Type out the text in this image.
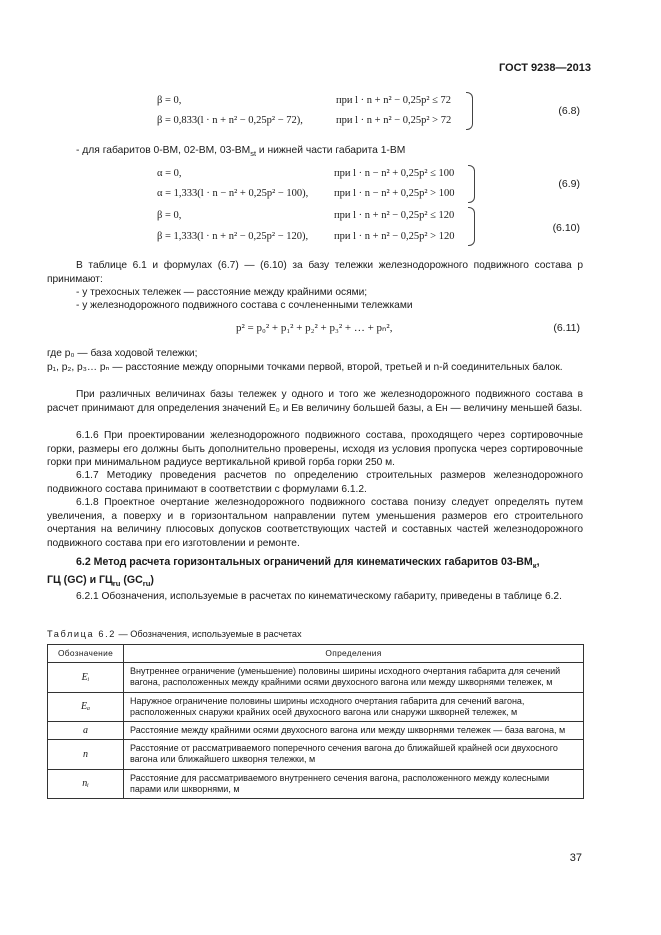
ГОСТ 9238—2013
β = 0,	при l · n + n² − 0,25p² ≤ 72
β = 0,833(l · n + n² − 0,25p² − 72),	при l · n + n² − 0,25p² > 72
(6.8)
- для габаритов 0-ВМ, 02-ВМ, $03-ВМ_{st}$ и нижней части габарита 1-ВМ
α = 0,	при l · n − n² + 0,25p² ≤ 100
α = 1,333(l · n − n² + 0,25p² − 100), при l · n − n² + 0,25p² > 100
(6.9)
β = 0,	при l · n + n² − 0,25p² ≤ 120
β = 1,333(l · n + n² − 0,25p² − 120), при l · n + n² − 0,25p² > 120
(6.10)
В таблице 6.1 и формулах (6.7) — (6.10) за базу тележки железнодорожного подвижного состава p принимают:
- у трехосных тележек — расстояние между крайними осями;
- у железнодорожного подвижного состава с сочлененными тележками
p² = p₀² + p₁² + p₂² + p₃² + … + pₙ²,	(6.11)
где p₀ — база ходовой тележки;
p₁, p₂, p₃… pₙ — расстояние между опорными точками первой, второй, третьей и n-й соединительных балок.
При различных величинах базы тележек у одного и того же железнодорожного подвижного состава в расчет принимают для определения значений E₀ и Eв величину большей базы, а Eн — величину меньшей базы.
6.1.6 При проектировании железнодорожного подвижного состава, проходящего через сортировочные горки, размеры его должны быть дополнительно проверены, исходя из условия пропуска через сортировочные горки при минимальном радиусе вертикальной кривой горба горки 250 м.
6.1.7 Методику проведения расчетов по определению строительных размеров железнодорожного подвижного состава принимают в соответствии с формулами 6.1.2.
6.1.8 Проектное очертание железнодорожного подвижного состава понизу следует определять путем увеличения, а поверху и в горизонтальном направлении путем уменьшения размеров его строительного очертания на величину плюсовых допусков соответствующих частей и составных частей железнодорожного подвижного состава при его изготовлении и ремонте.
6.2 Метод расчета горизонтальных ограничений для кинематических габаритов $03-ВМ_к$,
ГЦ (GC) и $ГЦ_{ru}$ $(GC_{ru})$
6.2.1 Обозначения, используемые в расчетах по кинематическому габариту, приведены в таблице 6.2.
Таблица 6.2 — Обозначения, используемые в расчетах
Обозначение	Определения
Eᵢ	Внутреннее ограничение (уменьшение) половины ширины исходного очертания габарита для сечений вагона, расположенных между крайними осями двухосного вагона или между шкворнями тележек, м
Eₐ	Наружное ограничение половины ширины исходного очертания габарита для сечений вагона, расположенных снаружи крайних осей двухосного вагона или снаружи шкворней тележек, м
a	Расстояние между крайними осями двухосного вагона или между шкворнями тележек — база вагона, м
n	Расстояние от рассматриваемого поперечного сечения вагона до ближайшей крайней оси двухосного вагона или ближайшего шкворня тележки, м
nᵢ	Расстояние для рассматриваемого внутреннего сечения вагона, расположенного между колесными парами или шкворнями, м
37
